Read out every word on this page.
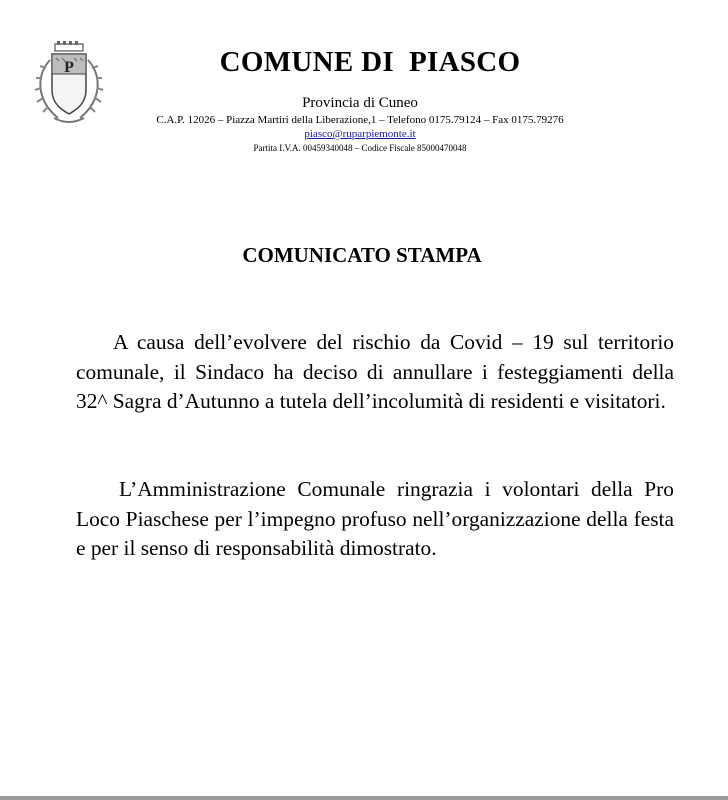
P	COMUNE DI  PIASCO
Provincia di Cuneo
C.A.P. 12026 – Piazza Martiri della Liberazione,1 – Telefono 0175.79124 – Fax 0175.79276
piasco@ruparpiemonte.it
Partita I.V.A. 00459340048 – Codice Fiscale 85000470048
COMUNICATO STAMPA

A causa dell’evolvere del rischio da Covid – 19 sul territorio comunale, il Sindaco ha deciso di annullare i festeggiamenti della 32^ Sagra d’Autunno a tutela dell’incolumità di residenti e visitatori.

L’Amministrazione Comunale ringrazia i volontari della Pro Loco Piaschese per l’impegno profuso nell’organizzazione della festa e per il senso di responsabilità dimostrato.
